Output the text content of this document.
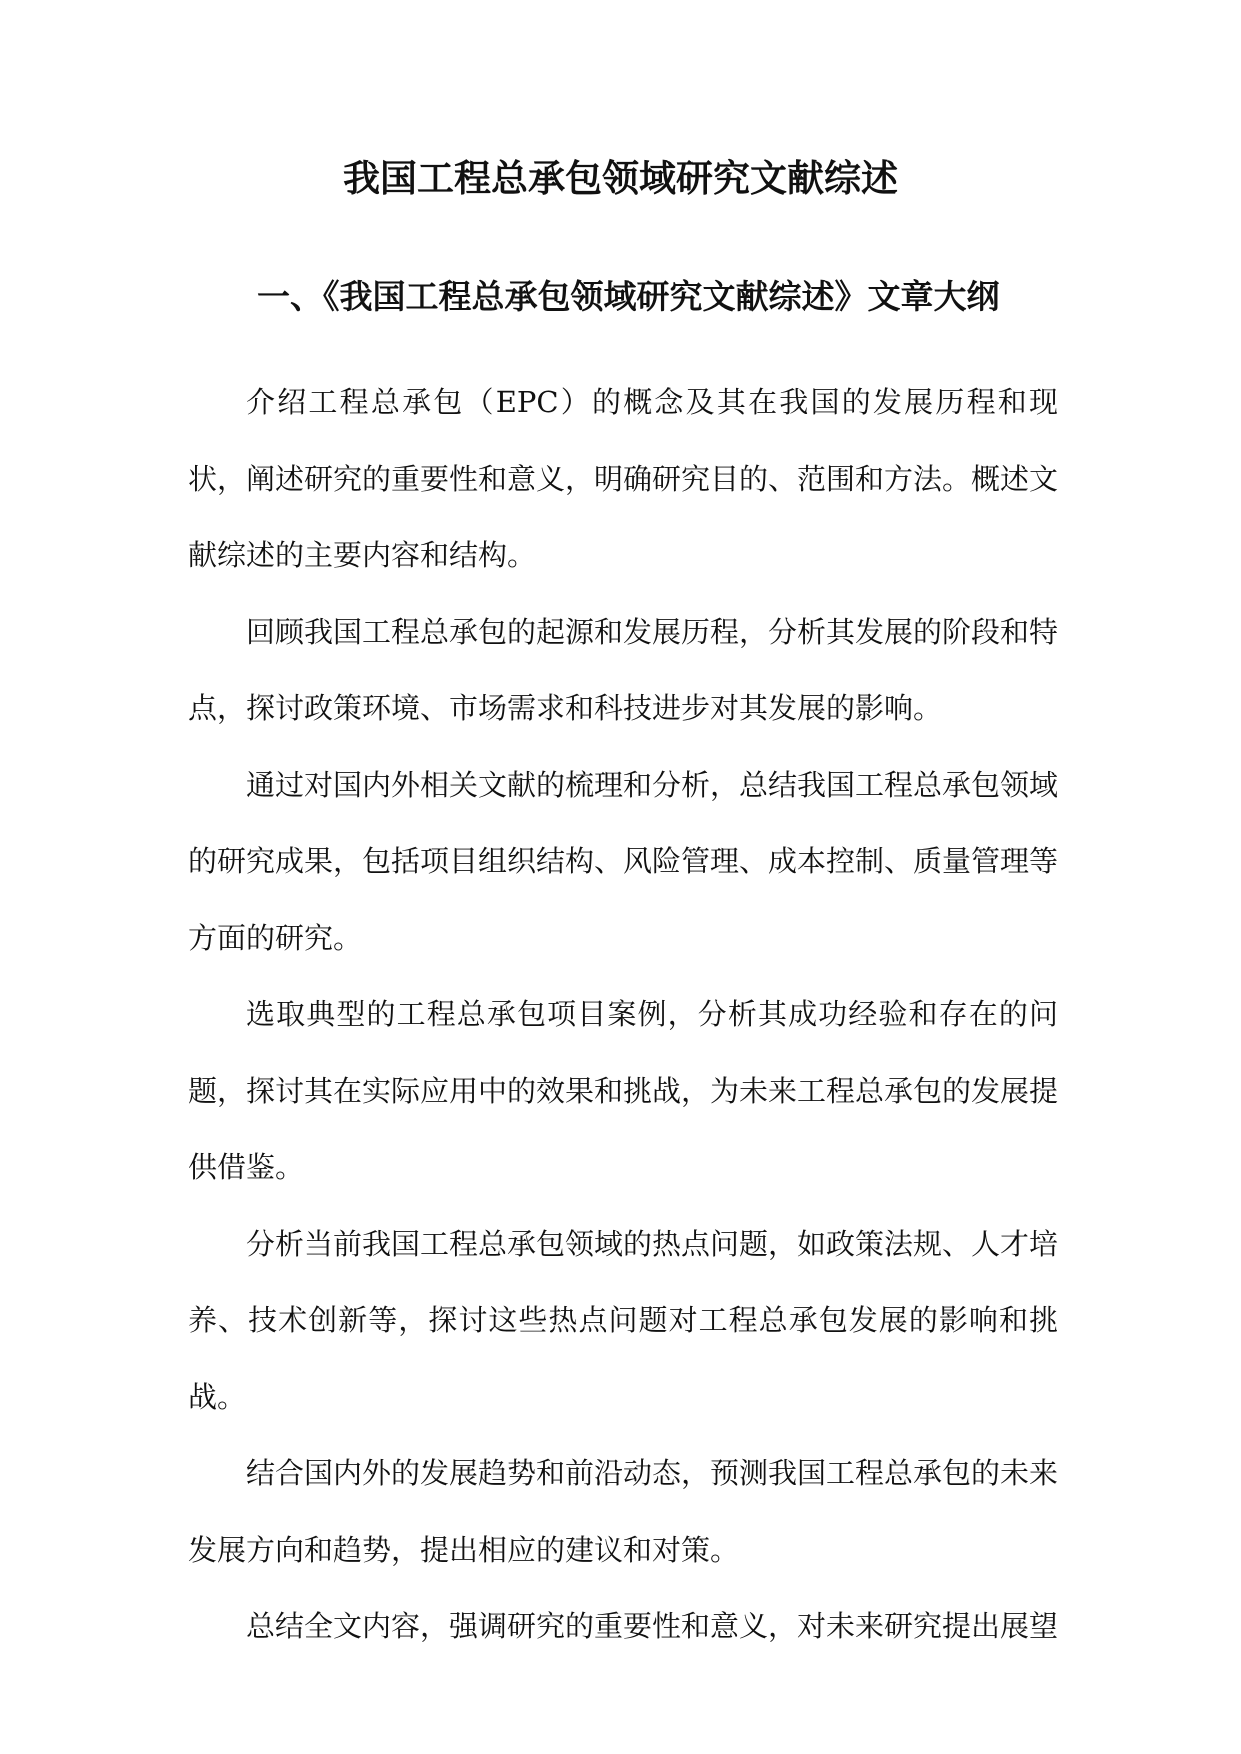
我国工程总承包领域研究文献综述
一、《我国工程总承包领域研究文献综述》文章大纲

介绍工程总承包（EPC）的概念及其在我国的发展历程和现状，阐述研究的重要性和意义，明确研究目的、范围和方法。概述文献综述的主要内容和结构。

回顾我国工程总承包的起源和发展历程，分析其发展的阶段和特点，探讨政策环境、市场需求和科技进步对其发展的影响。

通过对国内外相关文献的梳理和分析，总结我国工程总承包领域的研究成果，包括项目组织结构、风险管理、成本控制、质量管理等方面的研究。

选取典型的工程总承包项目案例，分析其成功经验和存在的问题，探讨其在实际应用中的效果和挑战，为未来工程总承包的发展提供借鉴。

分析当前我国工程总承包领域的热点问题，如政策法规、人才培养、技术创新等，探讨这些热点问题对工程总承包发展的影响和挑战。

结合国内外的发展趋势和前沿动态，预测我国工程总承包的未来发展方向和趋势，提出相应的建议和对策。

总结全文内容，强调研究的重要性和意义，对未来研究提出展望
